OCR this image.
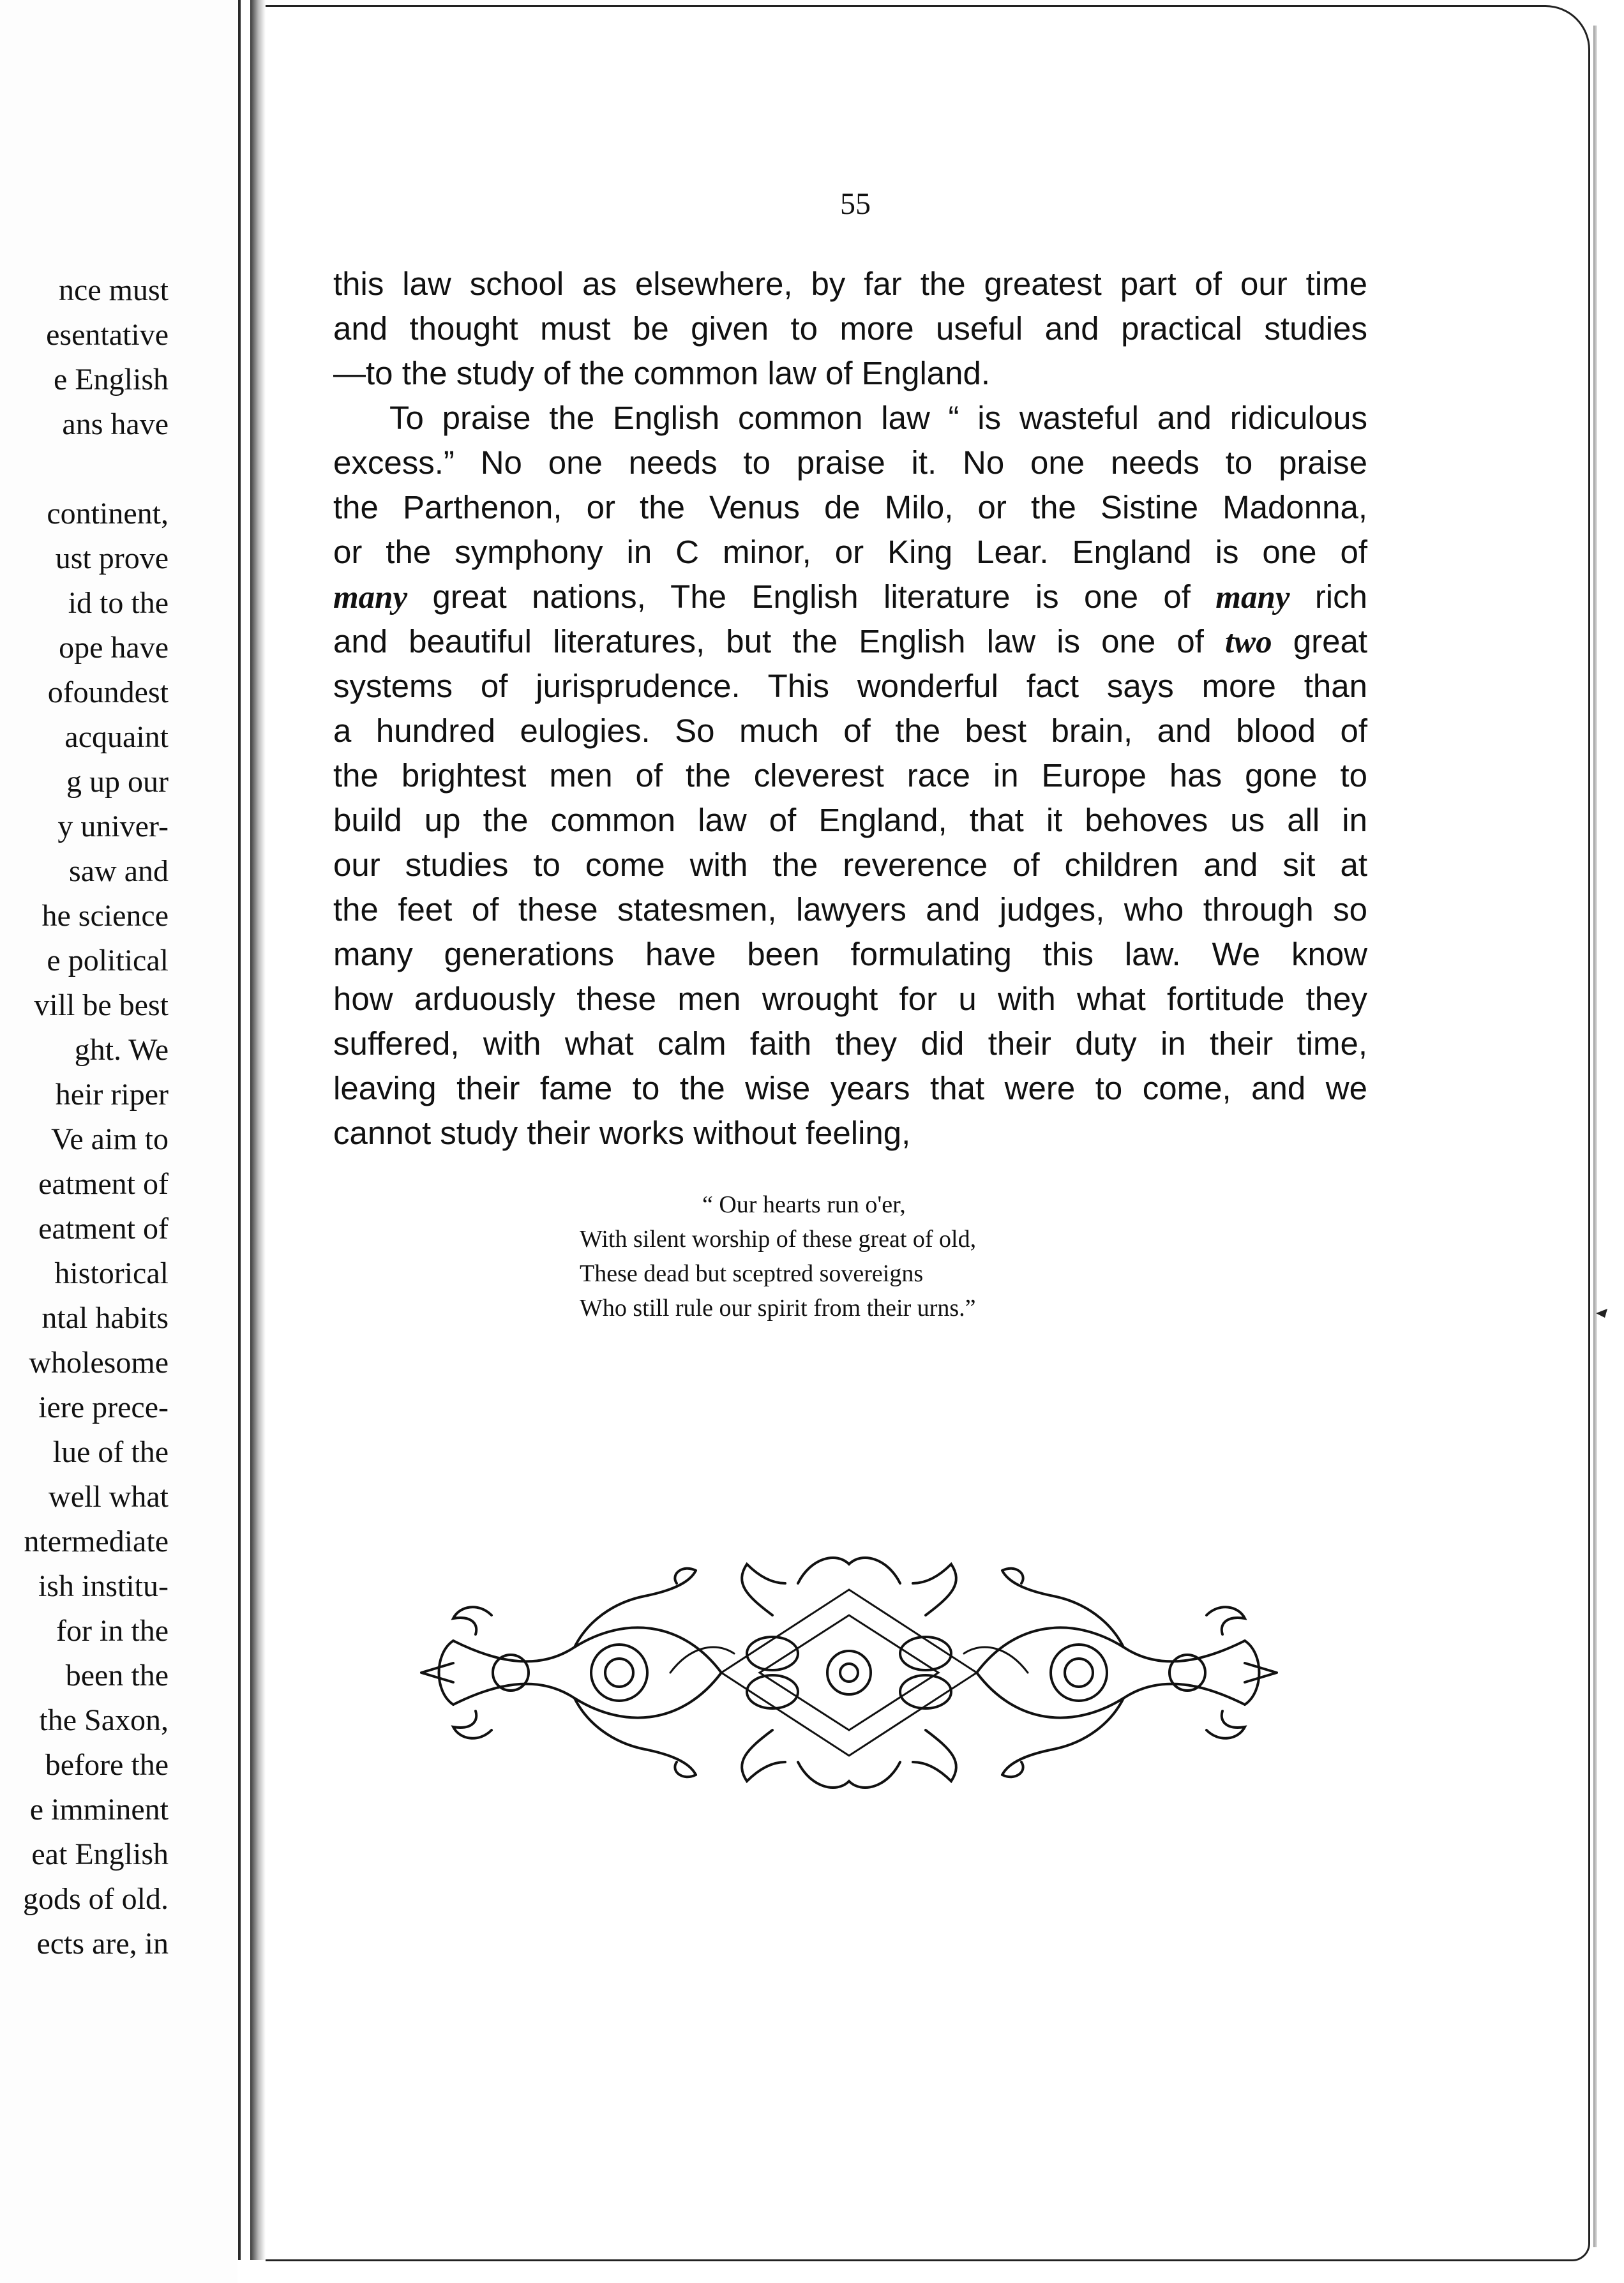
nce must
esentative
e English
ans have
continent,
ust prove
id to the
ope have
ofoundest
acquaint
g up our
y univer-
saw and
he science
e political
vill be best
ght. We
heir riper
Ve aim to
eatment of
eatment of
historical
ntal habits
wholesome
iere prece-
lue of the
well what
ntermediate
ish institu-
for in the
been the
the Saxon,
before the
e imminent
eat English
gods of old.
ects are, in
55
this law school as elsewhere, by far the greatest part of our time
and thought must be given to more useful and practical studies
—to the study of the common law of England.
To praise the English common law “ is wasteful and ridiculous
excess.” No one needs to praise it. No one needs to praise
the Parthenon, or the Venus de Milo, or the Sistine Madonna,
or the symphony in C minor, or King Lear. England is one of
many great nations, The English literature is one of many rich
and beautiful literatures, but the English law is one of two great
systems of jurisprudence. This wonderful fact says more than
a hundred eulogies. So much of the best brain, and blood of
the brightest men of the cleverest race in Europe has gone to
build up the common law of England, that it behoves us all in
our studies to come with the reverence of children and sit at
the feet of these statesmen, lawyers and judges, who through so
many generations have been formulating this law. We know
how arduously these men wrought for u with what fortitude they
suffered, with what calm faith they did their duty in their time,
leaving their fame to the wise years that were to come, and we
cannot study their works without feeling,
“ Our hearts run o'er,
With silent worship of these great of old,
These dead but sceptred sovereigns
Who still rule our spirit from their urns.”
